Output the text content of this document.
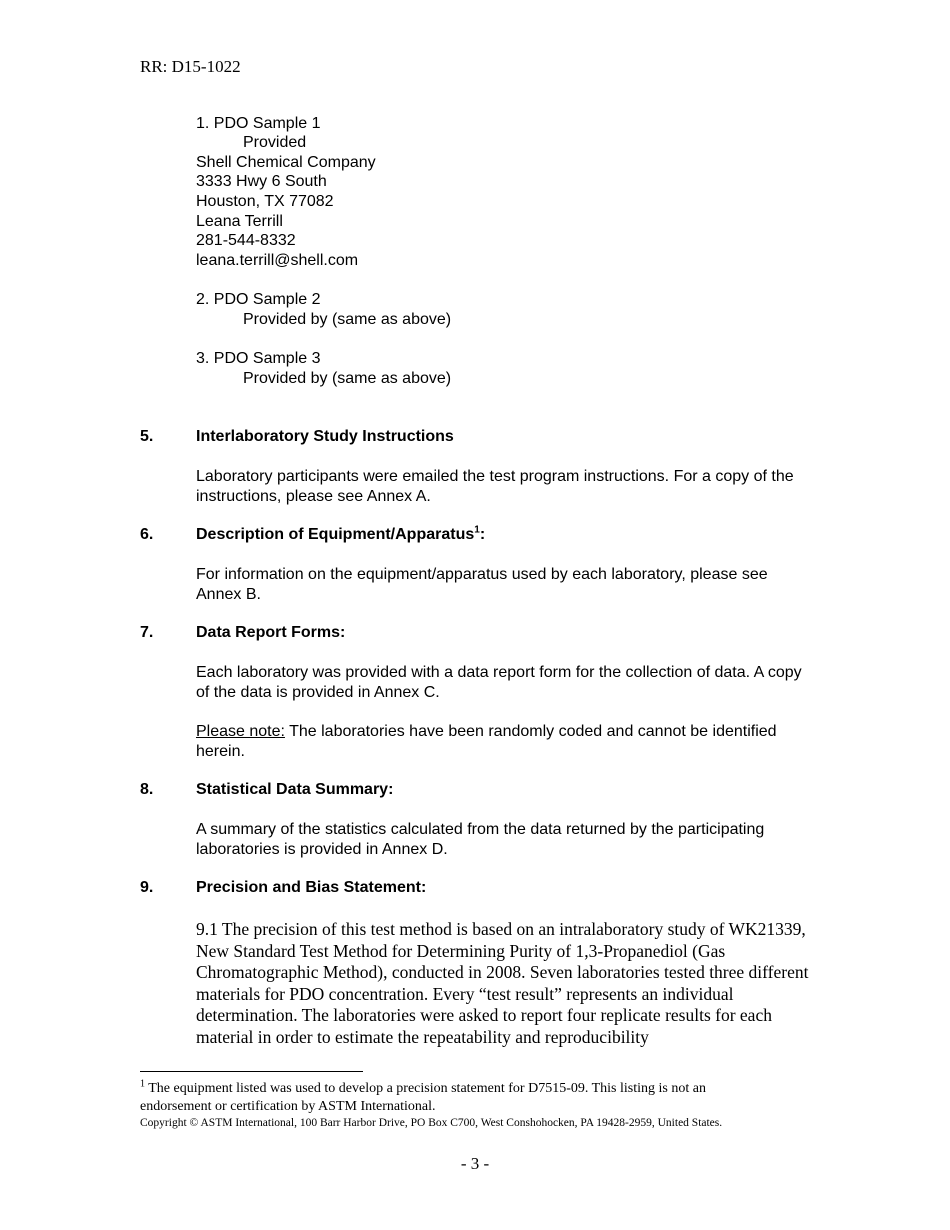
RR: D15-1022
1. PDO Sample 1
Provided
Shell Chemical Company
3333 Hwy 6 South
Houston, TX 77082
Leana Terrill
281-544-8332
leana.terrill@shell.com
2. PDO Sample 2
Provided by (same as above)
3. PDO Sample 3
Provided by (same as above)
5.	Interlaboratory Study Instructions
Laboratory participants were emailed the test program instructions. For a copy of the instructions, please see Annex A.
6.	Description of Equipment/Apparatus$^1$:
For information on the equipment/apparatus used by each laboratory, please see Annex B.
7.	Data Report Forms:
Each laboratory was provided with a data report form for the collection of data. A copy of the data is provided in Annex C.
Please note: The laboratories have been randomly coded and cannot be identified herein.
8.	Statistical Data Summary:
A summary of the statistics calculated from the data returned by the participating laboratories is provided in Annex D.
9.	Precision and Bias Statement:
9.1 The precision of this test method is based on an intralaboratory study of WK21339, New Standard Test Method for Determining Purity of 1,3-Propanediol (Gas Chromatographic Method), conducted in 2008. Seven laboratories tested three different materials for PDO concentration. Every “test result” represents an individual determination. The laboratories were asked to report four replicate results for each material in order to estimate the repeatability and reproducibility
$^1$ The equipment listed was used to develop a precision statement for D7515-09. This listing is not an
endorsement or certification by ASTM International.
Copyright © ASTM International, 100 Barr Harbor Drive, PO Box C700, West Conshohocken, PA 19428-2959, United States.
- 3 -
